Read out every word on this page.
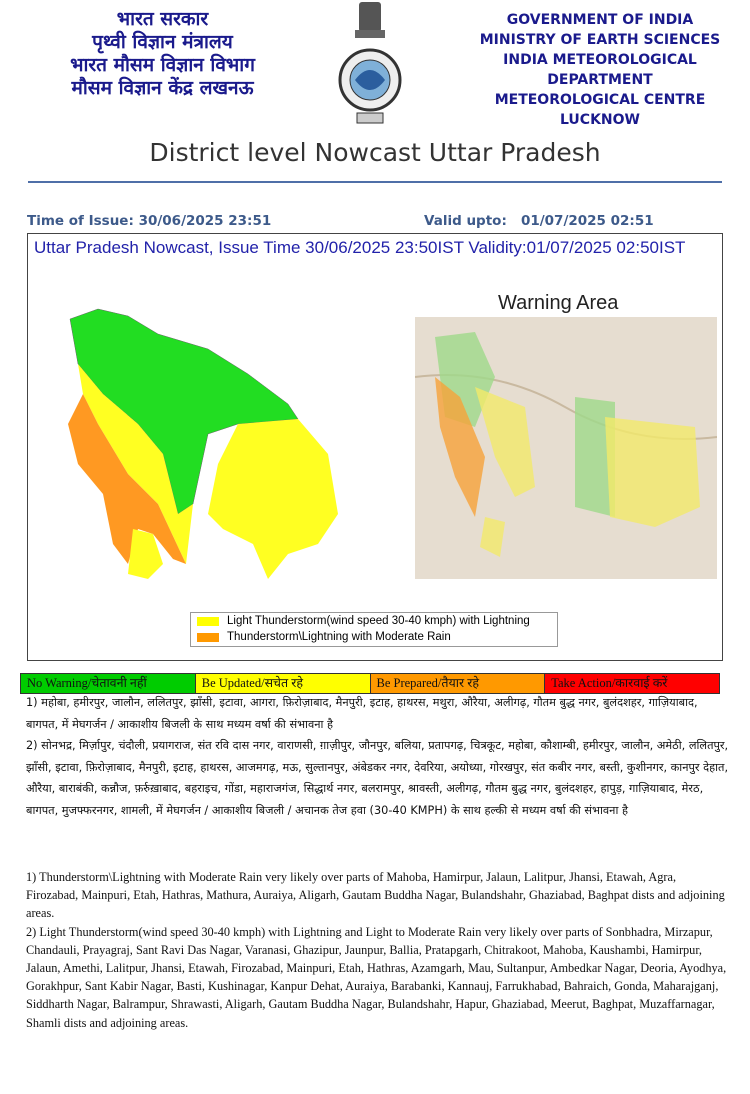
भारत सरकार
पृथ्वी विज्ञान मंत्रालय
भारत मौसम विज्ञान विभाग
मौसम विज्ञान केंद्र लखनऊ
GOVERNMENT OF INDIA
MINISTRY OF EARTH SCIENCES
INDIA METEOROLOGICAL DEPARTMENT
METEOROLOGICAL CENTRE LUCKNOW
District level Nowcast Uttar Pradesh
Time of Issue: 30/06/2025 23:51	Valid upto:   01/07/2025 02:51
Uttar Pradesh Nowcast, Issue Time 30/06/2025 23:50IST Validity:01/07/2025 02:50IST
Warning Area
Light Thunderstorm(wind speed 30-40 kmph) with Lightning
Thunderstorm\Lightning with Moderate Rain
No Warning/चेतावनी नहीं	Be Updated/सचेत रहे	Be Prepared/तैयार रहे	Take Action/कारवाई करें
1) महोबा, हमीरपुर, जालौन, ललितपुर, झाँसी, इटावा, आगरा, फ़िरोज़ाबाद, मैनपुरी, इटाह, हाथरस, मथुरा, औरैया, अलीगढ़, गौतम बुद्ध नगर, बुलंदशहर, गाज़ियाबाद, बागपत, में मेघगर्जन / आकाशीय बिजली के साथ मध्यम वर्षा की संभावना है
2) सोनभद्र, मिर्ज़ापुर, चंदौली, प्रयागराज, संत रवि दास नगर, वाराणसी, ग़ाज़ीपुर, जौनपुर, बलिया, प्रतापगढ़, चित्रकूट, महोबा, कौशाम्बी, हमीरपुर, जालौन, अमेठी, ललितपुर, झाँसी, इटावा, फ़िरोज़ाबाद, मैनपुरी, इटाह, हाथरस, आजमगढ़, मऊ, सुल्तानपुर, अंबेडकर नगर, देवरिया, अयोध्या, गोरखपुर, संत कबीर नगर, बस्ती, कुशीनगर, कानपुर देहात, औरैया, बाराबंकी, कन्नौज, फ़र्रुख़ाबाद, बहराइच, गोंडा, महाराजगंज, सिद्धार्थ नगर, बलरामपुर, श्रावस्ती, अलीगढ़, गौतम बुद्ध नगर, बुलंदशहर, हापुड़, गाज़ियाबाद, मेरठ, बागपत, मुजफ्फरनगर, शामली, में मेघगर्जन / आकाशीय बिजली / अचानक तेज हवा (30-40 KMPH) के साथ हल्की से मध्यम वर्षा की संभावना है
1) Thunderstorm\Lightning with Moderate Rain very likely over parts of Mahoba, Hamirpur, Jalaun, Lalitpur, Jhansi, Etawah, Agra, Firozabad, Mainpuri, Etah, Hathras, Mathura, Auraiya, Aligarh, Gautam Buddha Nagar, Bulandshahr, Ghaziabad, Baghpat dists and adjoining areas.
2) Light Thunderstorm(wind speed 30-40 kmph) with Lightning and Light to Moderate Rain very likely over parts of Sonbhadra, Mirzapur, Chandauli, Prayagraj, Sant Ravi Das Nagar, Varanasi, Ghazipur, Jaunpur, Ballia, Pratapgarh, Chitrakoot, Mahoba, Kaushambi, Hamirpur, Jalaun, Amethi, Lalitpur, Jhansi, Etawah, Firozabad, Mainpuri, Etah, Hathras, Azamgarh, Mau, Sultanpur, Ambedkar Nagar, Deoria, Ayodhya, Gorakhpur, Sant Kabir Nagar, Basti, Kushinagar, Kanpur Dehat, Auraiya, Barabanki, Kannauj, Farrukhabad, Bahraich, Gonda, Maharajganj, Siddharth Nagar, Balrampur, Shrawasti, Aligarh, Gautam Buddha Nagar, Bulandshahr, Hapur, Ghaziabad, Meerut, Baghpat, Muzaffarnagar, Shamli dists and adjoining areas.
